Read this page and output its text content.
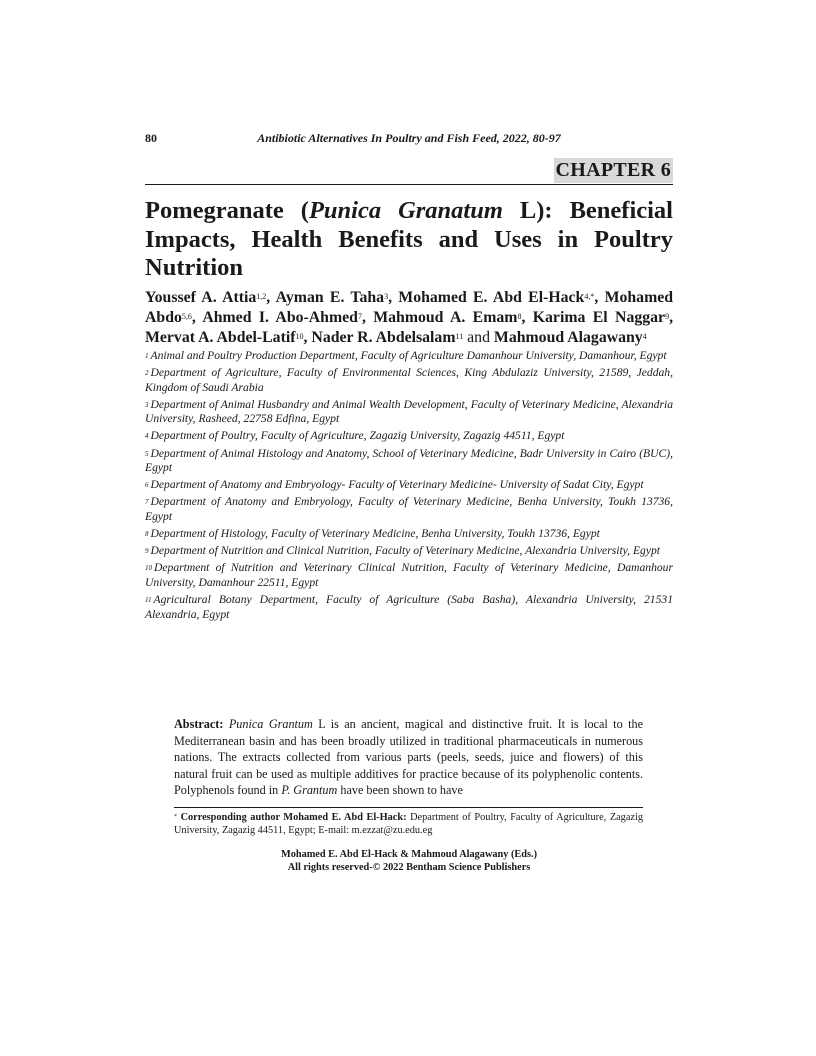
80	Antibiotic Alternatives In Poultry and Fish Feed, 2022, 80-97
CHAPTER 6
Pomegranate (Punica Granatum L): Beneficial Impacts, Health Benefits and Uses in Poultry Nutrition

Youssef A. Attia$^{1,2}$, Ayman E. Taha$^3$, Mohamed E. Abd El-Hack$^{4,*}$, Mohamed Abdo$^{5,6}$, Ahmed I. Abo-Ahmed$^7$, Mahmoud A. Emam$^8$, Karima El Naggar$^9$, Mervat A. Abdel-Latif$^{10}$, Nader R. Abdelsalam$^{11}$ and Mahmoud Alagawany$^4$

$^1$ Animal and Poultry Production Department, Faculty of Agriculture Damanhour University, Damanhour, Egypt
$^2$ Department of Agriculture, Faculty of Environmental Sciences, King Abdulaziz University, 21589, Jeddah, Kingdom of Saudi Arabia
$^3$ Department of Animal Husbandry and Animal Wealth Development, Faculty of Veterinary Medicine, Alexandria University, Rasheed, 22758 Edfina, Egypt
$^4$ Department of Poultry, Faculty of Agriculture, Zagazig University, Zagazig 44511, Egypt
$^5$ Department of Animal Histology and Anatomy, School of Veterinary Medicine, Badr University in Cairo (BUC), Egypt
$^6$ Department of Anatomy and Embryology- Faculty of Veterinary Medicine- University of Sadat City, Egypt
$^7$ Department of Anatomy and Embryology, Faculty of Veterinary Medicine, Benha University, Toukh 13736, Egypt
$^8$ Department of Histology, Faculty of Veterinary Medicine, Benha University, Toukh 13736, Egypt
$^9$ Department of Nutrition and Clinical Nutrition, Faculty of Veterinary Medicine, Alexandria University, Egypt
$^{10}$ Department of Nutrition and Veterinary Clinical Nutrition, Faculty of Veterinary Medicine, Damanhour University, Damanhour 22511, Egypt
$^{11}$ Agricultural Botany Department, Faculty of Agriculture (Saba Basha), Alexandria University, 21531 Alexandria, Egypt

Abstract: Punica Grantum L is an ancient, magical and distinctive fruit. It is local to the Mediterranean basin and has been broadly utilized in traditional pharmaceuticals in numerous nations. The extracts collected from various parts (peels, seeds, juice and flowers) of this natural fruit can be used as multiple additives for practice because of its polyphenolic contents. Polyphenols found in P. Grantum have been shown to have

* Corresponding author Mohamed E. Abd El-Hack: Department of Poultry, Faculty of Agriculture, Zagazig University, Zagazig 44511, Egypt; E-mail: m.ezzat@zu.edu.eg

Mohamed E. Abd El-Hack & Mahmoud Alagawany (Eds.)
All rights reserved-© 2022 Bentham Science Publishers
